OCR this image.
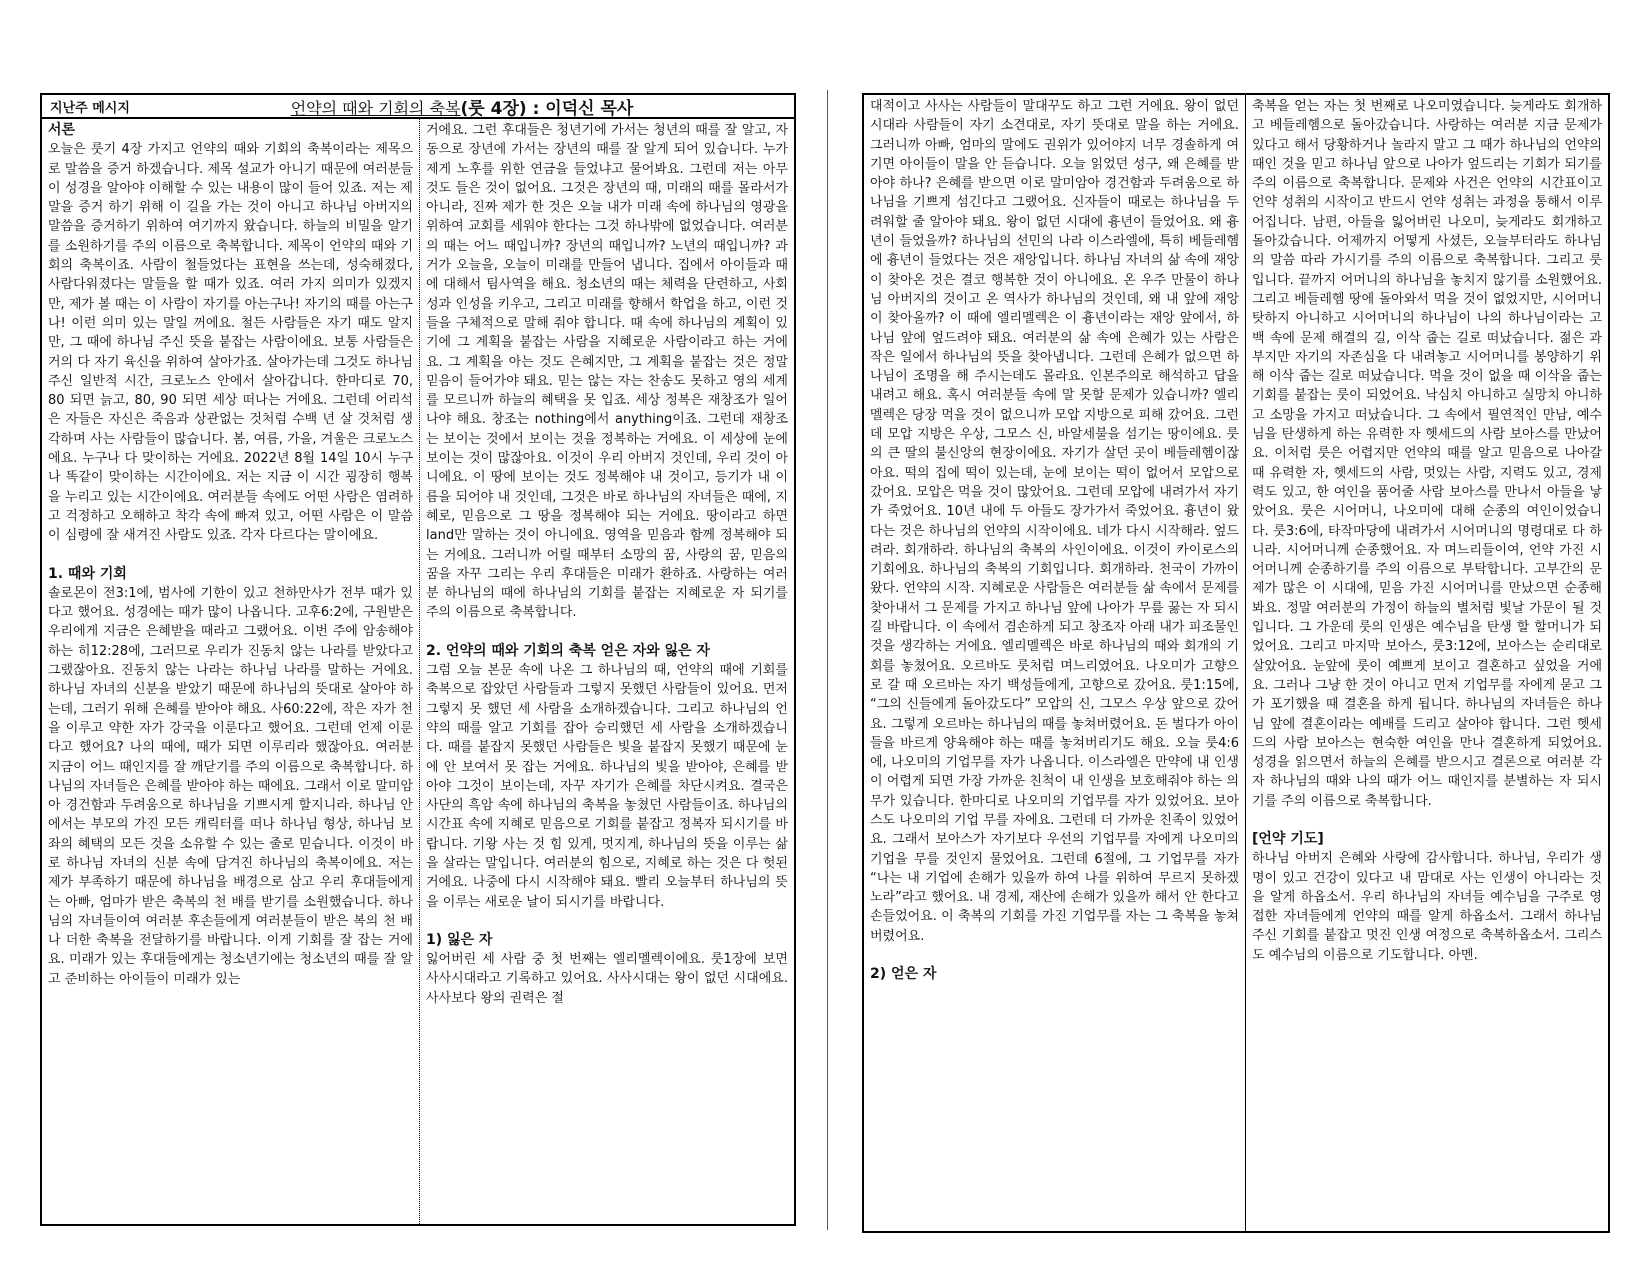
지난주 메시지	언약의 때와 기회의 축복(룻 4장) : 이덕신 목사

서론

오늘은 룻기 4장 가지고 언약의 때와 기회의 축복이라는 제목으로 말씀을 증거 하겠습니다. 제목 설교가 아니기 때문에 여러분들이 성경을 알아야 이해할 수 있는 내용이 많이 들어 있죠. 저는 제 말을 증거 하기 위해 이 길을 가는 것이 아니고 하나님 아버지의 말씀을 증거하기 위하여 여기까지 왔습니다. 하늘의 비밀을 알기를 소원하기를 주의 이름으로 축복합니다. 제목이 언약의 때와 기회의 축복이죠. 사람이 철들었다는 표현을 쓰는데, 성숙해졌다, 사람다워졌다는 말들을 할 때가 있죠. 여러 가지 의미가 있겠지만, 제가 볼 때는 이 사람이 자기를 아는구나! 자기의 때를 아는구나! 이런 의미 있는 말일 꺼에요. 철든 사람들은 자기 때도 알지만, 그 때에 하나님 주신 뜻을 붙잡는 사람이에요. 보통 사람들은 거의 다 자기 육신을 위하여 살아가죠. 살아가는데 그것도 하나님 주신 일반적 시간, 크로노스 안에서 살아갑니다. 한마디로 70, 80 되면 늙고, 80, 90 되면 세상 떠나는 거에요. 그런데 어리석은 자들은 자신은 죽음과 상관없는 것처럼 수백 년 살 것처럼 생각하며 사는 사람들이 많습니다. 봄, 여름, 가을, 겨울은 크로노스에요. 누구나 다 맞이하는 거에요. 2022년 8월 14일 10시 누구나 똑같이 맞이하는 시간이에요. 저는 지금 이 시간 굉장히 행복을 누리고 있는 시간이에요. 여러분들 속에도 어떤 사람은 염려하고 걱정하고 오해하고 착각 속에 빠져 있고, 어떤 사람은 이 말씀이 심령에 잘 새겨진 사람도 있죠. 각자 다르다는 말이에요.

1. 때와 기회

솔로몬이 전3:1에, 범사에 기한이 있고 천하만사가 전부 때가 있다고 했어요. 성경에는 때가 많이 나옵니다. 고후6:2에, 구원받은 우리에게 지금은 은혜받을 때라고 그랬어요. 이번 주에 암송해야 하는 히12:28에, 그러므로 우리가 진동치 않는 나라를 받았다고 그랬잖아요. 진동치 않는 나라는 하나님 나라를 말하는 거에요. 하나님 자녀의 신분을 받았기 때문에 하나님의 뜻대로 살아야 하는데, 그러기 위해 은혜를 받아야 해요. 사60:22에, 작은 자가 천을 이루고 약한 자가 강국을 이룬다고 했어요. 그런데 언제 이룬다고 했어요? 나의 때에, 때가 되면 이루리라 했잖아요. 여러분 지금이 어느 때인지를 잘 깨닫기를 주의 이름으로 축복합니다. 하나님의 자녀들은 은혜를 받아야 하는 때에요. 그래서 이로 말미암아 경건함과 두려움으로 하나님을 기쁘시게 할지니라. 하나님 안에서는 부모의 가진 모든 캐릭터를 떠나 하나님 형상, 하나님 보좌의 혜택의 모든 것을 소유할 수 있는 줄로 믿습니다. 이것이 바로 하나님 자녀의 신분 속에 담겨진 하나님의 축복이에요. 저는 제가 부족하기 때문에 하나님을 배경으로 삼고 우리 후대들에게는 아빠, 엄마가 받은 축복의 천 배를 받기를 소원했습니다. 하나님의 자녀들이여 여러분 후손들에게 여러분들이 받은 복의 천 배나 더한 축복을 전달하기를 바랍니다. 이게 기회를 잘 잡는 거에요. 미래가 있는 후대들에게는 청소년기에는 청소년의 때를 잘 알고 준비하는 아이들이 미래가 있는

거에요. 그런 후대들은 청년기에 가서는 청년의 때를 잘 알고, 자동으로 장년에 가서는 장년의 때를 잘 알게 되어 있습니다. 누가 제게 노후를 위한 연금을 들었냐고 물어봐요. 그런데 저는 아무것도 들은 것이 없어요. 그것은 장년의 때, 미래의 때를 몰라서가 아니라, 진짜 제가 한 것은 오늘 내가 미래 속에 하나님의 영광을 위하여 교회를 세워야 한다는 그것 하나밖에 없었습니다. 여러분의 때는 어느 때입니까? 장년의 때입니까? 노년의 때입니까? 과거가 오늘을, 오늘이 미래를 만들어 냅니다. 집에서 아이들과 때에 대해서 팀사역을 해요. 청소년의 때는 체력을 단련하고, 사회성과 인성을 키우고, 그리고 미래를 향해서 학업을 하고, 이런 것들을 구체적으로 말해 줘야 합니다. 때 속에 하나님의 계획이 있기에 그 계획을 붙잡는 사람을 지혜로운 사람이라고 하는 거에요. 그 계획을 아는 것도 은혜지만, 그 계획을 붙잡는 것은 정말 믿음이 들어가야 돼요. 믿는 않는 자는 찬송도 못하고 영의 세계를 모르니까 하늘의 혜택을 못 입죠. 세상 정복은 재창조가 일어나야 해요. 창조는 nothing에서 anything이죠. 그런데 재창조는 보이는 것에서 보이는 것을 정복하는 거에요. 이 세상에 눈에 보이는 것이 많잖아요. 이것이 우리 아버지 것인데, 우리 것이 아니에요. 이 땅에 보이는 것도 정복해야 내 것이고, 등기가 내 이름을 되어야 내 것인데, 그것은 바로 하나님의 자녀들은 때에, 지혜로, 믿음으로 그 땅을 정복해야 되는 거에요. 땅이라고 하면 land만 말하는 것이 아니에요. 영역을 믿음과 함께 정복해야 되는 거에요. 그러니까 어릴 때부터 소망의 꿈, 사랑의 꿈, 믿음의 꿈을 자꾸 그리는 우리 후대들은 미래가 환하죠. 사랑하는 여러분 하나님의 때에 하나님의 기회를 붙잡는 지혜로운 자 되기를 주의 이름으로 축복합니다.

2. 언약의 때와 기회의 축복 얻은 자와 잃은 자

그럼 오늘 본문 속에 나온 그 하나님의 때, 언약의 때에 기회를 축복으로 잡았던 사람들과 그렇지 못했던 사람들이 있어요. 먼저 그렇지 못 했던 세 사람을 소개하겠습니다. 그리고 하나님의 언약의 때를 알고 기회를 잡아 승리했던 세 사람을 소개하겠습니다. 때를 붙잡지 못했던 사람들은 빛을 붙잡지 못했기 때문에 눈에 안 보여서 못 잡는 거에요. 하나님의 빛을 받아야, 은혜를 받아야 그것이 보이는데, 자꾸 자기가 은혜를 차단시켜요. 결국은 사단의 흑암 속에 하나님의 축복을 놓쳤던 사람들이죠. 하나님의 시간표 속에 지혜로 믿음으로 기회를 붙잡고 정복자 되시기를 바랍니다. 기왕 사는 것 힘 있게, 멋지게, 하나님의 뜻을 이루는 삶을 살라는 말입니다. 여러분의 힘으로, 지혜로 하는 것은 다 헛된 거에요. 나중에 다시 시작해야 돼요. 빨리 오늘부터 하나님의 뜻을 이루는 새로운 날이 되시기를 바랍니다.

1) 잃은 자

잃어버린 세 사람 중 첫 번째는 엘리멜렉이에요. 룻1장에 보면 사사시대라고 기록하고 있어요. 사사시대는 왕이 없던 시대에요. 사사보다 왕의 권력은 절

대적이고 사사는 사람들이 말대꾸도 하고 그런 거에요. 왕이 없던 시대라 사람들이 자기 소견대로, 자기 뜻대로 말을 하는 거에요. 그러니까 아빠, 엄마의 말에도 권위가 있어야지 너무 경솔하게 여기면 아이들이 말을 안 듣습니다. 오늘 읽었던 성구, 왜 은혜를 받아야 하나? 은혜를 받으면 이로 말미암아 경건함과 두려움으로 하나님을 기쁘게 섬긴다고 그랬어요. 신자들이 때로는 하나님을 두려워할 줄 알아야 돼요. 왕이 없던 시대에 흉년이 들었어요. 왜 흉년이 들었을까? 하나님의 선민의 나라 이스라엘에, 특히 베들레헴에 흉년이 들었다는 것은 재앙입니다. 하나님 자녀의 삶 속에 재앙이 찾아온 것은 결코 행복한 것이 아니에요. 온 우주 만물이 하나님 아버지의 것이고 온 역사가 하나님의 것인데, 왜 내 앞에 재앙이 찾아올까? 이 때에 엘리멜렉은 이 흉년이라는 재앙 앞에서, 하나님 앞에 엎드려야 돼요. 여러분의 삶 속에 은혜가 있는 사람은 작은 일에서 하나님의 뜻을 찾아냅니다. 그런데 은혜가 없으면 하나님이 조명을 해 주시는데도 몰라요. 인본주의로 해석하고 답을 내려고 해요. 혹시 여러분들 속에 말 못할 문제가 있습니까? 엘리멜렉은 당장 먹을 것이 없으니까 모압 지방으로 피해 갔어요. 그런데 모압 지방은 우상, 그모스 신, 바알세불을 섬기는 땅이에요. 룻의 큰 딸의 불신앙의 현장이에요. 자기가 살던 곳이 베들레헴이잖아요. 떡의 집에 떡이 있는데, 눈에 보이는 떡이 없어서 모압으로 갔어요. 모압은 먹을 것이 많았어요. 그런데 모압에 내려가서 자기가 죽었어요. 10년 내에 두 아들도 장가가서 죽었어요. 흉년이 왔다는 것은 하나님의 언약의 시작이에요. 네가 다시 시작해라. 엎드려라. 회개하라. 하나님의 축복의 사인이에요. 이것이 카이로스의 기회에요. 하나님의 축복의 기회입니다. 회개하라. 천국이 가까이 왔다. 언약의 시작. 지혜로운 사람들은 여러분들 삶 속에서 문제를 찾아내서 그 문제를 가지고 하나님 앞에 나아가 무릎 꿇는 자 되시길 바랍니다. 이 속에서 겸손하게 되고 창조자 아래 내가 피조물인 것을 생각하는 거에요. 엘리멜렉은 바로 하나님의 때와 회개의 기회를 놓쳤어요. 오르바도 룻처럼 며느리였어요. 나오미가 고향으로 갈 때 오르바는 자기 백성들에게, 고향으로 갔어요. 룻1:15에, “그의 신들에게 돌아갔도다” 모압의 신, 그모스 우상 앞으로 갔어요. 그렇게 오르바는 하나님의 때를 놓쳐버렸어요. 돈 벌다가 아이들을 바르게 양육해야 하는 때를 놓쳐버리기도 해요. 오늘 룻4:6에, 나오미의 기업무를 자가 나옵니다. 이스라엘은 만약에 내 인생이 어렵게 되면 가장 가까운 친척이 내 인생을 보호해줘야 하는 의무가 있습니다. 한마디로 나오미의 기업무를 자가 있었어요. 보아스도 나오미의 기업 무를 자에요. 그런데 더 가까운 친족이 있었어요. 그래서 보아스가 자기보다 우선의 기업무를 자에게 나오미의 기업을 무를 것인지 물었어요. 그런데 6절에, 그 기업무를 자가 “나는 내 기업에 손해가 있을까 하여 나를 위하여 무르지 못하겠노라”라고 했어요. 내 경제, 재산에 손해가 있을까 해서 안 한다고 손들었어요. 이 축복의 기회를 가진 기업무를 자는 그 축복을 놓쳐버렸어요.

2) 얻은 자

축복을 얻는 자는 첫 번째로 나오미였습니다. 늦게라도 회개하고 베들레헴으로 돌아갔습니다. 사랑하는 여러분 지금 문제가 있다고 해서 당황하거나 놀라지 말고 그 때가 하나님의 언약의 때인 것을 믿고 하나님 앞으로 나아가 엎드리는 기회가 되기를 주의 이름으로 축복합니다. 문제와 사건은 언약의 시간표이고 언약 성취의 시작이고 반드시 언약 성취는 과정을 통해서 이루어집니다. 남편, 아들을 잃어버린 나오미, 늦게라도 회개하고 돌아갔습니다. 어제까지 어떻게 사셨든, 오늘부터라도 하나님의 말씀 따라 가시기를 주의 이름으로 축복합니다. 그리고 룻입니다. 끝까지 어머니의 하나님을 놓치지 않기를 소원했어요. 그리고 베들레헴 땅에 돌아와서 먹을 것이 없었지만, 시어머니 탓하지 아니하고 시어머니의 하나님이 나의 하나님이라는 고백 속에 문제 해결의 길, 이삭 줍는 길로 떠났습니다. 젊은 과부지만 자기의 자존심을 다 내려놓고 시어머니를 봉양하기 위해 이삭 줍는 길로 떠났습니다. 먹을 것이 없을 때 이삭을 줍는 기회를 붙잡는 룻이 되었어요. 낙심치 아니하고 실망치 아니하고 소망을 가지고 떠났습니다. 그 속에서 필연적인 만남, 예수님을 탄생하게 하는 유력한 자 헷세드의 사람 보아스를 만났어요. 이처럼 룻은 어렵지만 언약의 때를 알고 믿음으로 나아갈 때 유력한 자, 헷세드의 사람, 멋있는 사람, 지력도 있고, 경제력도 있고, 한 여인을 품어줄 사람 보아스를 만나서 아들을 낳았어요. 룻은 시어머니, 나오미에 대해 순종의 여인이었습니다. 룻3:6에, 타작마당에 내려가서 시어머니의 명령대로 다 하니라. 시어머니께 순종했어요. 자 며느리들이여, 언약 가진 시어머니께 순종하기를 주의 이름으로 부탁합니다. 고부간의 문제가 많은 이 시대에, 믿음 가진 시어머니를 만났으면 순종해 봐요. 정말 여러분의 가정이 하늘의 별처럼 빛날 가문이 될 것입니다. 그 가운데 룻의 인생은 예수님을 탄생 할 할머니가 되었어요. 그리고 마지막 보아스, 룻3:12에, 보아스는 순리대로 살았어요. 눈앞에 룻이 예쁘게 보이고 결혼하고 싶었을 거에요. 그러나 그냥 한 것이 아니고 먼저 기업무를 자에게 묻고 그가 포기했을 때 결혼을 하게 됩니다. 하나님의 자녀들은 하나님 앞에 결혼이라는 예배를 드리고 살아야 합니다. 그런 헷세드의 사람 보아스는 현숙한 여인을 만나 결혼하게 되었어요. 성경을 읽으면서 하늘의 은혜를 받으시고 결론으로 여러분 각자 하나님의 때와 나의 때가 어느 때인지를 분별하는 자 되시기를 주의 이름으로 축복합니다.

[언약 기도]

하나님 아버지 은혜와 사랑에 감사합니다. 하나님, 우리가 생명이 있고 건강이 있다고 내 맘대로 사는 인생이 아니라는 것을 알게 하옵소서. 우리 하나님의 자녀들 예수님을 구주로 영접한 자녀들에게 언약의 때를 알게 하옵소서. 그래서 하나님 주신 기회를 붙잡고 멋진 인생 여정으로 축복하옵소서. 그리스도 예수님의 이름으로 기도합니다. 아멘.
